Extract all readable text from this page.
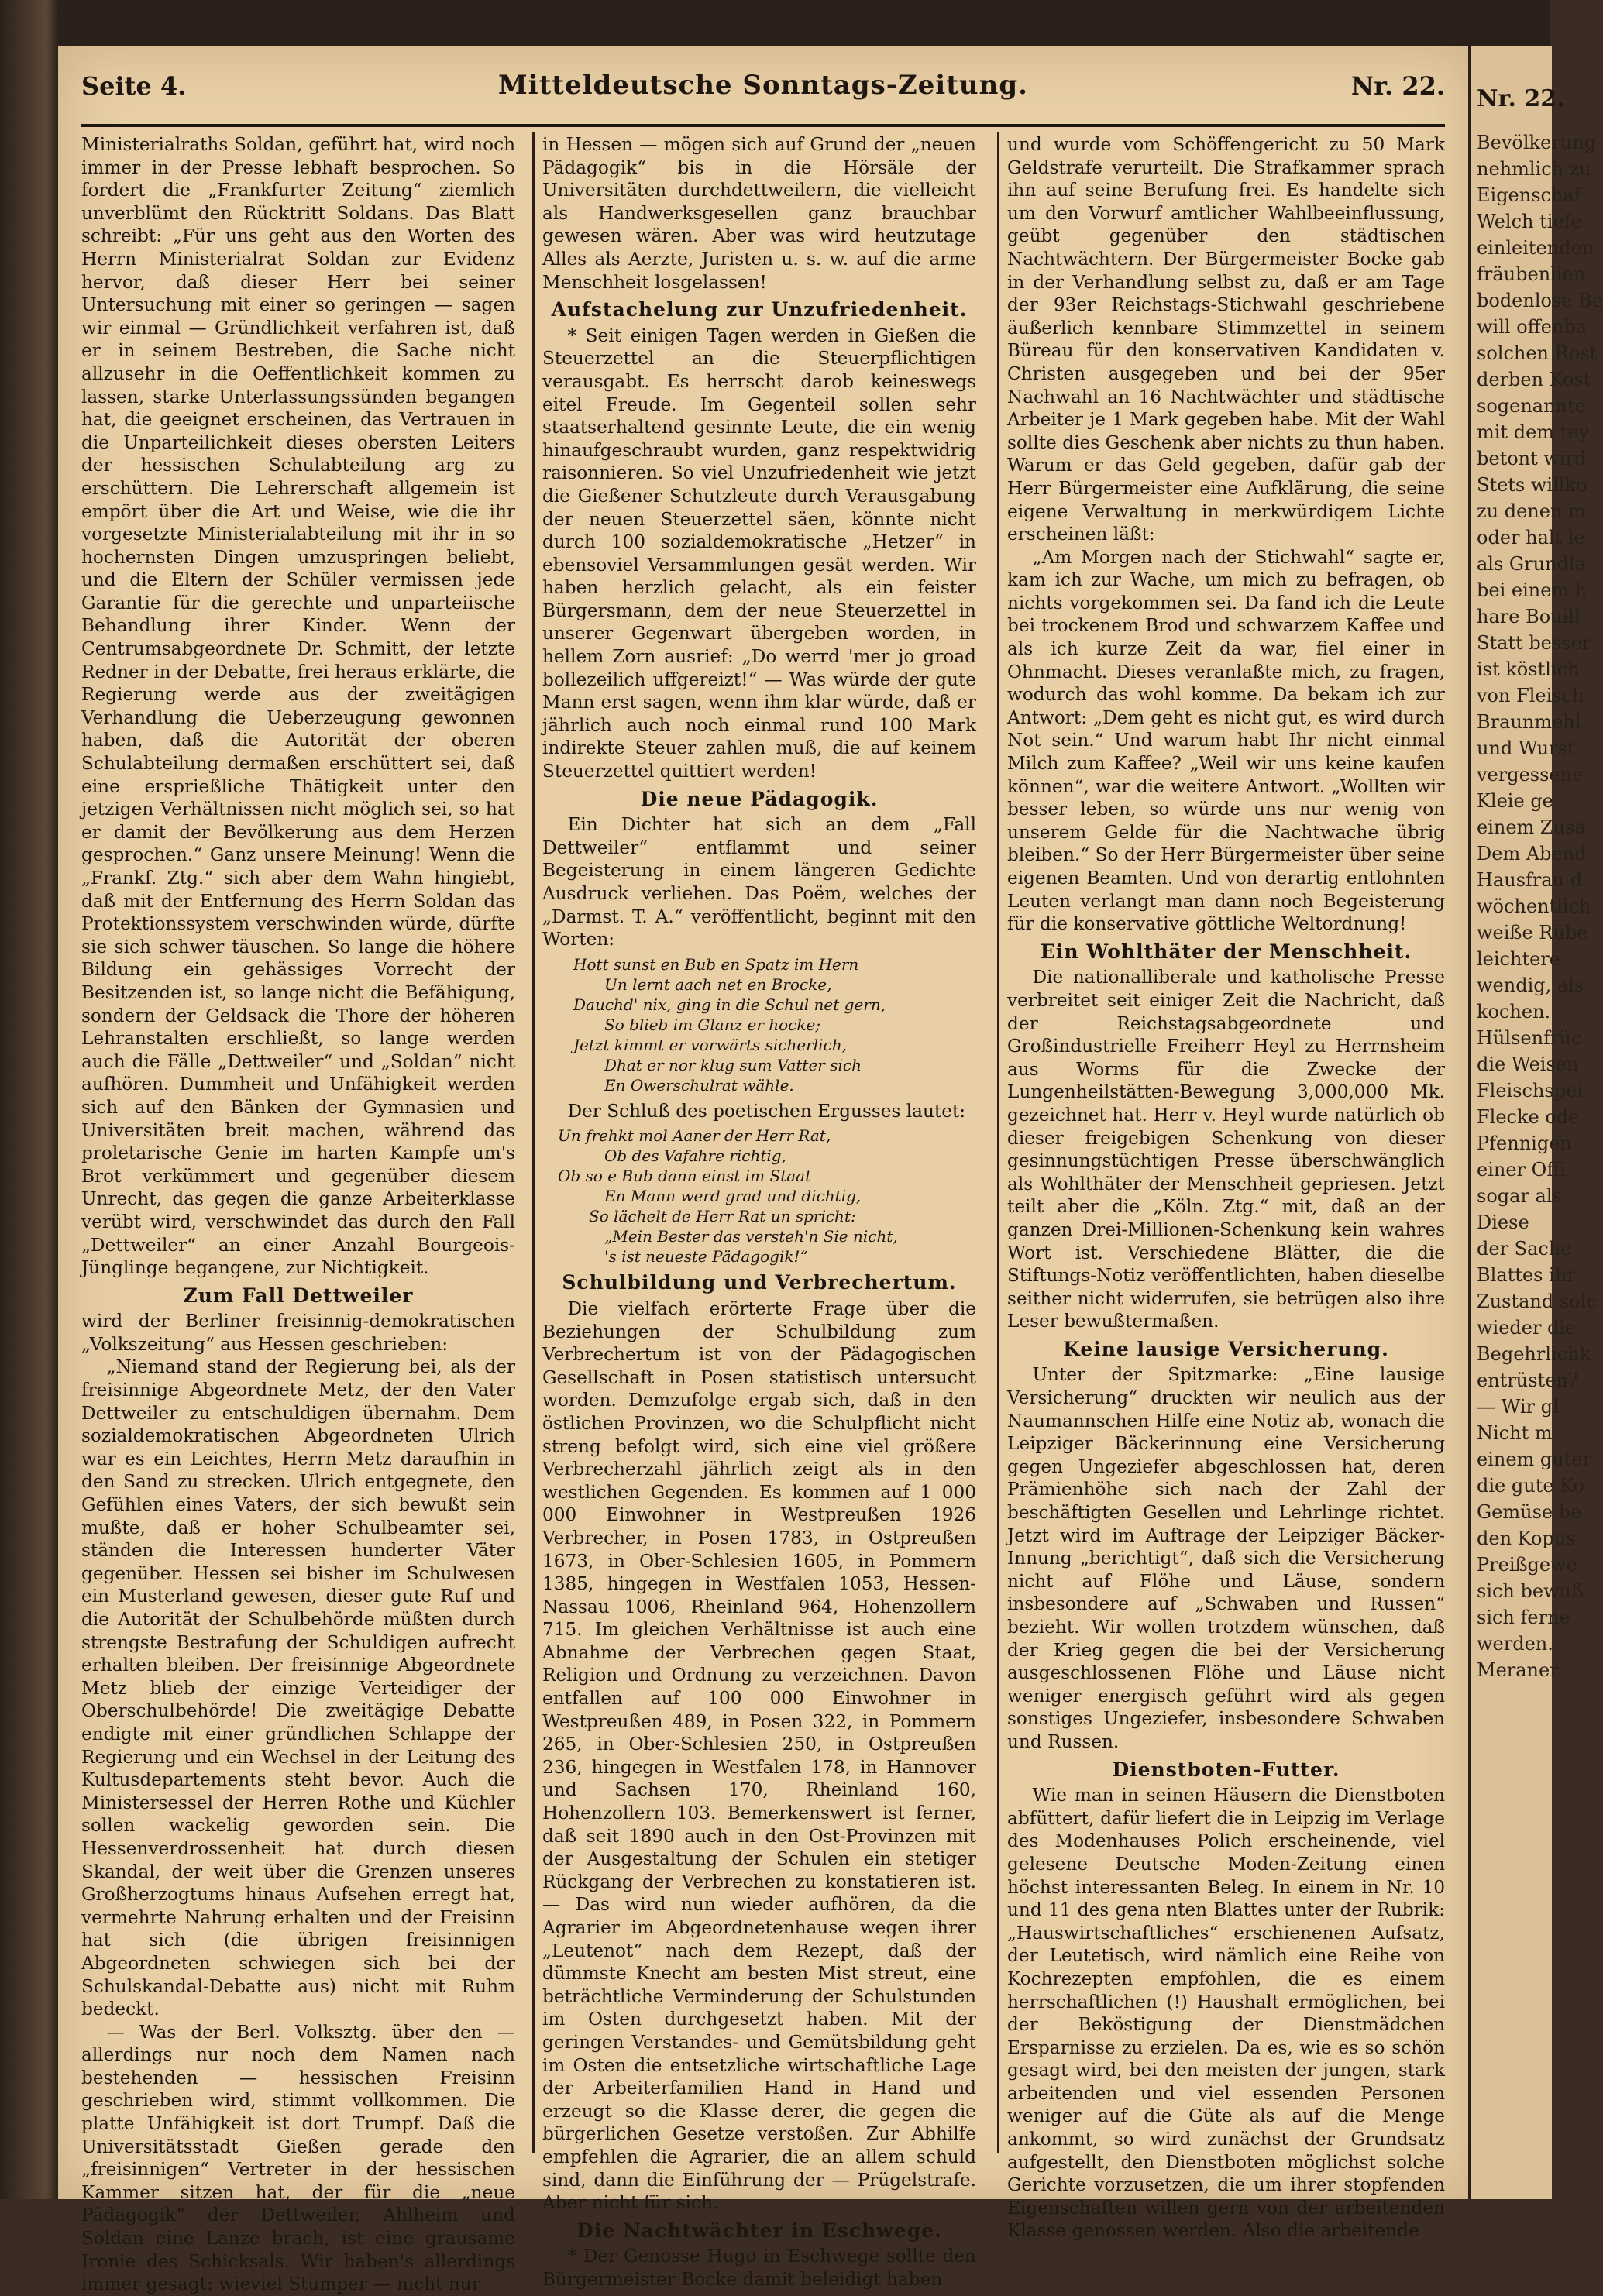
Seite 4.	Mitteldeutsche Sonntags-Zeitung.	Nr. 22.

Ministerialraths Soldan, geführt hat, wird noch immer in der Presse lebhaft besprochen. So fordert die „Frankfurter Zeitung“ ziemlich unverblümt den Rücktritt Soldans. Das Blatt schreibt: „Für uns geht aus den Worten des Herrn Ministerialrat Soldan zur Evidenz hervor, daß dieser Herr bei seiner Untersuchung mit einer so geringen — sagen wir einmal — Gründlichkeit verfahren ist, daß er in seinem Bestreben, die Sache nicht allzusehr in die Oeffentlichkeit kommen zu lassen, starke Unterlassungssünden begangen hat, die geeignet erscheinen, das Vertrauen in die Unparteilichkeit dieses obersten Leiters der hessischen Schulabteilung arg zu erschüttern. Die Lehrerschaft allgemein ist empört über die Art und Weise, wie die ihr vorgesetzte Ministerialabteilung mit ihr in so hochernsten Dingen umzuspringen beliebt, und die Eltern der Schüler vermissen jede Garantie für die gerechte und unparteiische Behandlung ihrer Kinder. Wenn der Centrumsabgeordnete Dr. Schmitt, der letzte Redner in der Debatte, frei heraus erklärte, die Regierung werde aus der zweitägigen Verhandlung die Ueberzeugung gewonnen haben, daß die Autorität der oberen Schulabteilung dermaßen erschüttert sei, daß eine ersprießliche Thätigkeit unter den jetzigen Verhältnissen nicht möglich sei, so hat er damit der Bevölkerung aus dem Herzen gesprochen.“ Ganz unsere Meinung! Wenn die „Frankf. Ztg.“ sich aber dem Wahn hingiebt, daß mit der Entfernung des Herrn Soldan das Protektionssystem verschwinden würde, dürfte sie sich schwer täuschen. So lange die höhere Bildung ein gehässiges Vorrecht der Besitzenden ist, so lange nicht die Befähigung, sondern der Geldsack die Thore der höheren Lehranstalten erschließt, so lange werden auch die Fälle „Dettweiler“ und „Soldan“ nicht aufhören. Dummheit und Unfähigkeit werden sich auf den Bänken der Gymnasien und Universitäten breit machen, während das proletarische Genie im harten Kampfe um's Brot verkümmert und gegenüber diesem Unrecht, das gegen die ganze Arbeiterklasse verübt wird, verschwindet das durch den Fall „Dettweiler“ an einer Anzahl Bourgeois-Jünglinge begangene, zur Nichtigkeit.

Zum Fall Dettweiler

wird der Berliner freisinnig-demokratischen „Volkszeitung“ aus Hessen geschrieben:

„Niemand stand der Regierung bei, als der freisinnige Abgeordnete Metz, der den Vater Dettweiler zu entschuldigen übernahm. Dem sozialdemokratischen Abgeordneten Ulrich war es ein Leichtes, Herrn Metz daraufhin in den Sand zu strecken. Ulrich entgegnete, den Gefühlen eines Vaters, der sich bewußt sein mußte, daß er hoher Schulbeamter sei, ständen die Interessen hunderter Väter gegenüber. Hessen sei bisher im Schulwesen ein Musterland gewesen, dieser gute Ruf und die Autorität der Schulbehörde müßten durch strengste Bestrafung der Schuldigen aufrecht erhalten bleiben. Der freisinnige Abgeordnete Metz blieb der einzige Verteidiger der Oberschulbehörde! Die zweitägige Debatte endigte mit einer gründlichen Schlappe der Regierung und ein Wechsel in der Leitung des Kultusdepartements steht bevor. Auch die Ministersessel der Herren Rothe und Küchler sollen wackelig geworden sein. Die Hessenverdrossenheit hat durch diesen Skandal, der weit über die Grenzen unseres Großherzogtums hinaus Aufsehen erregt hat, vermehrte Nahrung erhalten und der Freisinn hat sich (die übrigen freisinnigen Abgeordneten schwiegen sich bei der Schulskandal-Debatte aus) nicht mit Ruhm bedeckt.

— Was der Berl. Volksztg. über den — allerdings nur noch dem Namen nach bestehenden — hessischen Freisinn geschrieben wird, stimmt vollkommen. Die platte Unfähigkeit ist dort Trumpf. Daß die Universitätsstadt Gießen gerade den „freisinnigen“ Vertreter in der hessischen Kammer sitzen hat, der für die „neue Pädagogik“ der Dettweiler, Ahlheim und Soldan eine Lanze brach, ist eine grausame Ironie des Schicksals. Wir haben's allerdings immer gesagt: wieviel Stümper — nicht nur

in Hessen — mögen sich auf Grund der „neuen Pädagogik“ bis in die Hörsäle der Universitäten durchdettweilern, die vielleicht als Handwerksgesellen ganz brauchbar gewesen wären. Aber was wird heutzutage Alles als Aerzte, Juristen u. s. w. auf die arme Menschheit losgelassen!

Aufstachelung zur Unzufriedenheit.

* Seit einigen Tagen werden in Gießen die Steuerzettel an die Steuerpflichtigen verausgabt. Es herrscht darob keineswegs eitel Freude. Im Gegenteil sollen sehr staatserhaltend gesinnte Leute, die ein wenig hinaufgeschraubt wurden, ganz respektwidrig raisonnieren. So viel Unzufriedenheit wie jetzt die Gießener Schutzleute durch Verausgabung der neuen Steuerzettel säen, könnte nicht durch 100 sozialdemokratische „Hetzer“ in ebensoviel Versammlungen gesät werden. Wir haben herzlich gelacht, als ein feister Bürgersmann, dem der neue Steuerzettel in unserer Gegenwart übergeben worden, in hellem Zorn ausrief: „Do werrd 'mer jo groad bollezeilich uffgereizt!“ — Was würde der gute Mann erst sagen, wenn ihm klar würde, daß er jährlich auch noch einmal rund 100 Mark indirekte Steuer zahlen muß, die auf keinem Steuerzettel quittiert werden!

Die neue Pädagogik.

Ein Dichter hat sich an dem „Fall Dettweiler“ entflammt und seiner Begeisterung in einem längeren Gedichte Ausdruck verliehen. Das Poëm, welches der „Darmst. T. A.“ veröffentlicht, beginnt mit den Worten:

Hott sunst en Bub en Spatz im Hern
Un lernt aach net en Brocke,
Dauchd' nix, ging in die Schul net gern,
So blieb im Glanz er hocke;
Jetzt kimmt er vorwärts sicherlich,
Dhat er nor klug sum Vatter sich
En Owerschulrat wähle.

Der Schluß des poetischen Ergusses lautet:

Un frehkt mol Aaner der Herr Rat,
Ob des Vafahre richtig,
Ob so e Bub dann einst im Staat
En Mann werd grad und dichtig,
So lächelt de Herr Rat un spricht:
„Mein Bester das versteh'n Sie nicht,
's ist neueste Pädagogik!“
Schulbildung und Verbrechertum.

Die vielfach erörterte Frage über die Beziehungen der Schulbildung zum Verbrechertum ist von der Pädagogischen Gesellschaft in Posen statistisch untersucht worden. Demzufolge ergab sich, daß in den östlichen Provinzen, wo die Schulpflicht nicht streng befolgt wird, sich eine viel größere Verbrecherzahl jährlich zeigt als in den westlichen Gegenden. Es kommen auf 1 000 000 Einwohner in Westpreußen 1926 Verbrecher, in Posen 1783, in Ostpreußen 1673, in Ober-Schlesien 1605, in Pommern 1385, hingegen in Westfalen 1053, Hessen-Nassau 1006, Rheinland 964, Hohenzollern 715. Im gleichen Verhältnisse ist auch eine Abnahme der Verbrechen gegen Staat, Religion und Ordnung zu verzeichnen. Davon entfallen auf 100 000 Einwohner in Westpreußen 489, in Posen 322, in Pommern 265, in Ober-Schlesien 250, in Ostpreußen 236, hingegen in Westfalen 178, in Hannover und Sachsen 170, Rheinland 160, Hohenzollern 103. Bemerkenswert ist ferner, daß seit 1890 auch in den Ost-Provinzen mit der Ausgestaltung der Schulen ein stetiger Rückgang der Verbrechen zu konstatieren ist. — Das wird nun wieder aufhören, da die Agrarier im Abgeordnetenhause wegen ihrer „Leutenot“ nach dem Rezept, daß der dümmste Knecht am besten Mist streut, eine beträchtliche Verminderung der Schulstunden im Osten durchgesetzt haben. Mit der geringen Verstandes- und Gemütsbildung geht im Osten die entsetzliche wirtschaftliche Lage der Arbeiterfamilien Hand in Hand und erzeugt so die Klasse derer, die gegen die bürgerlichen Gesetze verstoßen. Zur Abhilfe empfehlen die Agrarier, die an allem schuld sind, dann die Einführung der — Prügelstrafe. Aber nicht für sich.

Die Nachtwächter in Eschwege.

* Der Genosse Hugo in Eschwege sollte den Bürgermeister Bocke damit beleidigt haben

und wurde vom Schöffengericht zu 50 Mark Geldstrafe verurteilt. Die Strafkammer sprach ihn auf seine Berufung frei. Es handelte sich um den Vorwurf amtlicher Wahlbeeinflussung, geübt gegenüber den städtischen Nachtwächtern. Der Bürgermeister Bocke gab in der Verhandlung selbst zu, daß er am Tage der 93er Reichstags-Stichwahl geschriebene äußerlich kennbare Stimmzettel in seinem Büreau für den konservativen Kandidaten v. Christen ausgegeben und bei der 95er Nachwahl an 16 Nachtwächter und städtische Arbeiter je 1 Mark gegeben habe. Mit der Wahl sollte dies Geschenk aber nichts zu thun haben. Warum er das Geld gegeben, dafür gab der Herr Bürgermeister eine Aufklärung, die seine eigene Verwaltung in merkwürdigem Lichte erscheinen läßt:

„Am Morgen nach der Stichwahl“ sagte er, kam ich zur Wache, um mich zu befragen, ob nichts vorgekommen sei. Da fand ich die Leute bei trockenem Brod und schwarzem Kaffee und als ich kurze Zeit da war, fiel einer in Ohnmacht. Dieses veranlaßte mich, zu fragen, wodurch das wohl komme. Da bekam ich zur Antwort: „Dem geht es nicht gut, es wird durch Not sein.“ Und warum habt Ihr nicht einmal Milch zum Kaffee? „Weil wir uns keine kaufen können“, war die weitere Antwort. „Wollten wir besser leben, so würde uns nur wenig von unserem Gelde für die Nachtwache übrig bleiben.“ So der Herr Bürgermeister über seine eigenen Beamten. Und von derartig entlohnten Leuten verlangt man dann noch Begeisterung für die konservative göttliche Weltordnung!

Ein Wohlthäter der Menschheit.

Die nationalliberale und katholische Presse verbreitet seit einiger Zeit die Nachricht, daß der Reichstagsabgeordnete und Großindustrielle Freiherr Heyl zu Herrnsheim aus Worms für die Zwecke der Lungenheilstätten-Bewegung 3,000,000 Mk. gezeichnet hat. Herr v. Heyl wurde natürlich ob dieser freigebigen Schenkung von dieser gesinnungstüchtigen Presse überschwänglich als Wohlthäter der Menschheit gepriesen. Jetzt teilt aber die „Köln. Ztg.“ mit, daß an der ganzen Drei-Millionen-Schenkung kein wahres Wort ist. Verschiedene Blätter, die die Stiftungs-Notiz veröffentlichten, haben dieselbe seither nicht widerrufen, sie betrügen also ihre Leser bewußtermaßen.

Keine lausige Versicherung.

Unter der Spitzmarke: „Eine lausige Versicherung“ druckten wir neulich aus der Naumannschen Hilfe eine Notiz ab, wonach die Leipziger Bäckerinnung eine Versicherung gegen Ungeziefer abgeschlossen hat, deren Prämienhöhe sich nach der Zahl der beschäftigten Gesellen und Lehrlinge richtet. Jetzt wird im Auftrage der Leipziger Bäcker-Innung „berichtigt“, daß sich die Versicherung nicht auf Flöhe und Läuse, sondern insbesondere auf „Schwaben und Russen“ bezieht. Wir wollen trotzdem wünschen, daß der Krieg gegen die bei der Versicherung ausgeschlossenen Flöhe und Läuse nicht weniger energisch geführt wird als gegen sonstiges Ungeziefer, insbesondere Schwaben und Russen.

Dienstboten-Futter.

Wie man in seinen Häusern die Dienstboten abfüttert, dafür liefert die in Leipzig im Verlage des Modenhauses Polich erscheinende, viel gelesene Deutsche Moden-Zeitung einen höchst interessanten Beleg. In einem in Nr. 10 und 11 des gena nten Blattes unter der Rubrik: „Hauswirtschaftliches“ erschienenen Aufsatz, der Leutetisch, wird nämlich eine Reihe von Kochrezepten empfohlen, die es einem herrschaftlichen (!) Haushalt ermöglichen, bei der Beköstigung der Dienstmädchen Ersparnisse zu erzielen. Da es, wie es so schön gesagt wird, bei den meisten der jungen, stark arbeitenden und viel essenden Personen weniger auf die Güte als auf die Menge ankommt, so wird zunächst der Grundsatz aufgestellt, den Dienstboten möglichst solche Gerichte vorzusetzen, die um ihrer stopfenden Eigenschaften willen gern von der arbeitenden Klasse genossen werden. Also die arbeitende

Nr. 22.
Bevölkerung
nehmlich zu
Eigenschaf
Welch tiefe
einleitenden
fräubenlien
bodenlose Be
will offenba
solchen Rost
derben Kost
sogenannte
mit dem tey
betont wird
Stets willko
zu denen m
oder halt le
als Grundla
bei einem h
hare Bouill
Statt besser
ist köstlich
von Fleisch
Braunmehl
und Wurst
vergessene
Kleie ge
einem Zusa
Dem Abend
Hausfrau d
wöchentlich
weiße Rübe
leichtere
wendig, als
kochen.
Hülsenfrüc
die Weisen
Fleischspei
Flecke ode
Pfennigen
einer Offi
sogar als
Diese
der Sache
Blattes ihr
Zustand solc
wieder die
Begehrlichk
entrüsten?
— Wir gl
Nicht m
einem guter
die gute Ko
Gemüse be
den Kopus
Preißgewe
sich bewuß
sich ferne
werden.
Meraner
